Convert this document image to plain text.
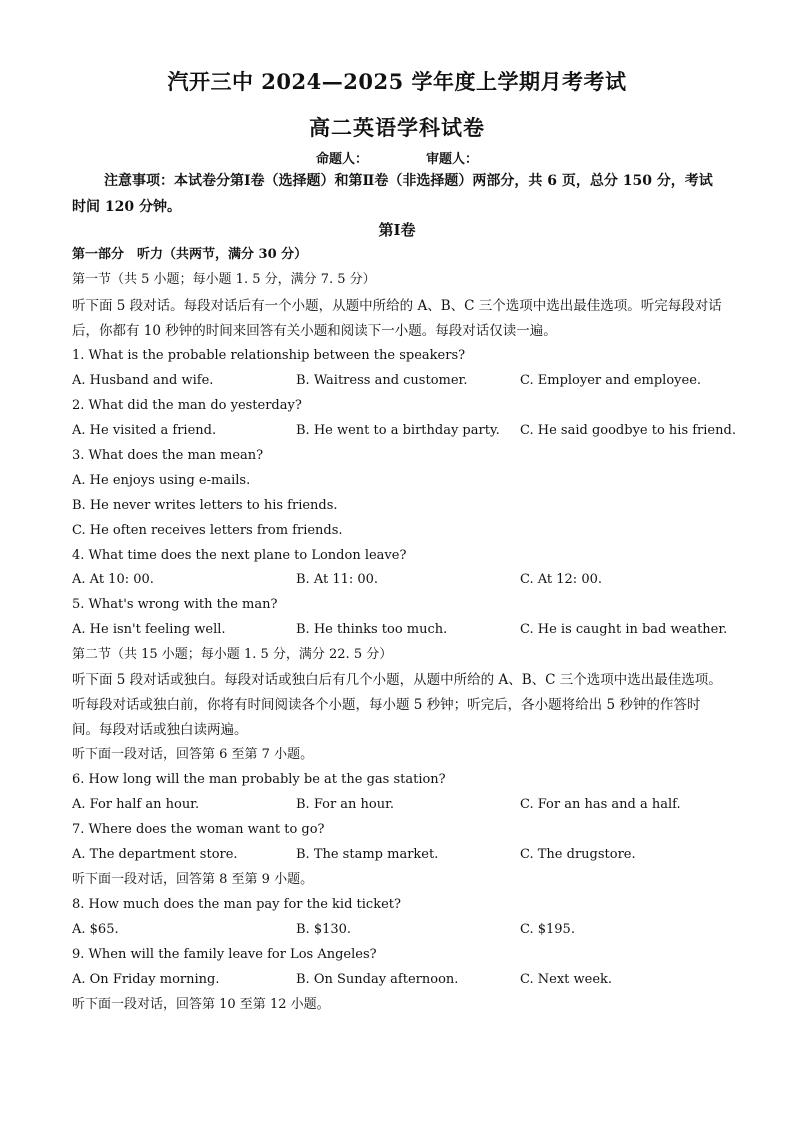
汽开三中 2024—2025 学年度上学期月考考试
高二英语学科试卷
命题人：	审题人：
注意事项：本试卷分第Ⅰ卷（选择题）和第Ⅱ卷（非选择题）两部分，共 6 页，总分 150 分，考试时间 120 分钟。
第Ⅰ卷
第一部分　听力（共两节，满分 30 分）
第一节（共 5 小题；每小题 1. 5 分，满分 7. 5 分）
听下面 5 段对话。每段对话后有一个小题，从题中所给的 A、B、C 三个选项中选出最佳选项。听完每段对话后，你都有 10 秒钟的时间来回答有关小题和阅读下一小题。每段对话仅读一遍。
1. What is the probable relationship between the speakers?
A. Husband and wife.	B. Waitress and customer.	C. Employer and employee.
2. What did the man do yesterday?
A. He visited a friend.	B. He went to a birthday party. C. He said goodbye to his friend.
3. What does the man mean?
A. He enjoys using e-mails.
B. He never writes letters to his friends.
C. He often receives letters from friends.
4. What time does the next plane to London leave?
A. At 10: 00.	B. At 11: 00.	C. At 12: 00.
5. What's wrong with the man?
A. He isn't feeling well.	B. He thinks too much.	C. He is caught in bad weather.
第二节（共 15 小题；每小题 1. 5 分，满分 22. 5 分）
听下面 5 段对话或独白。每段对话或独白后有几个小题，从题中所给的 A、B、C 三个选项中选出最佳选项。听每段对话或独白前，你将有时间阅读各个小题，每小题 5 秒钟；听完后，各小题将给出 5 秒钟的作答时间。每段对话或独白读两遍。
听下面一段对话，回答第 6 至第 7 小题。
6. How long will the man probably be at the gas station?
A. For half an hour.	B. For an hour.	C. For an has and a half.
7. Where does the woman want to go?
A. The department store.	B. The stamp market.	C. The drugstore.
听下面一段对话，回答第 8 至第 9 小题。
8. How much does the man pay for the kid ticket?
A. $65.	B. $130.	C. $195.
9. When will the family leave for Los Angeles?
A. On Friday morning.	B. On Sunday afternoon.	C. Next week.
听下面一段对话，回答第 10 至第 12 小题。
